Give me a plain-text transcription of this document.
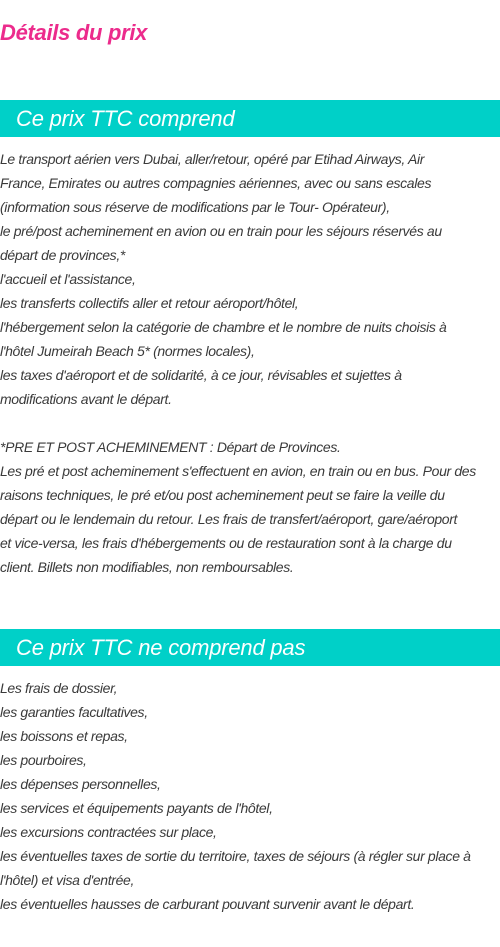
Détails du prix
Ce prix TTC comprend
Le transport aérien vers Dubai, aller/retour, opéré par Etihad Airways, Air
France, Emirates ou autres compagnies aériennes, avec ou sans escales
(information sous réserve de modifications par le Tour- Opérateur),
le pré/post acheminement en avion ou en train pour les séjours réservés au
départ de provinces,*
l'accueil et l'assistance,
les transferts collectifs aller et retour aéroport/hôtel,
l'hébergement selon la catégorie de chambre et le nombre de nuits choisis à
l'hôtel Jumeirah Beach 5* (normes locales),
les taxes d'aéroport et de solidarité, à ce jour, révisables et sujettes à
modifications avant le départ.
*PRE ET POST ACHEMINEMENT : Départ de Provinces.
Les pré et post acheminement s'effectuent en avion, en train ou en bus. Pour des
raisons techniques, le pré et/ou post acheminement peut se faire la veille du
départ ou le lendemain du retour. Les frais de transfert/aéroport, gare/aéroport
et vice-versa, les frais d'hébergements ou de restauration sont à la charge du
client. Billets non modifiables, non remboursables.
Ce prix TTC ne comprend pas
Les frais de dossier,
les garanties facultatives,
les boissons et repas,
les pourboires,
les dépenses personnelles,
les services et équipements payants de l'hôtel,
les excursions contractées sur place,
les éventuelles taxes de sortie du territoire, taxes de séjours (à régler sur place à
l'hôtel) et visa d'entrée,
les éventuelles hausses de carburant pouvant survenir avant le départ.
